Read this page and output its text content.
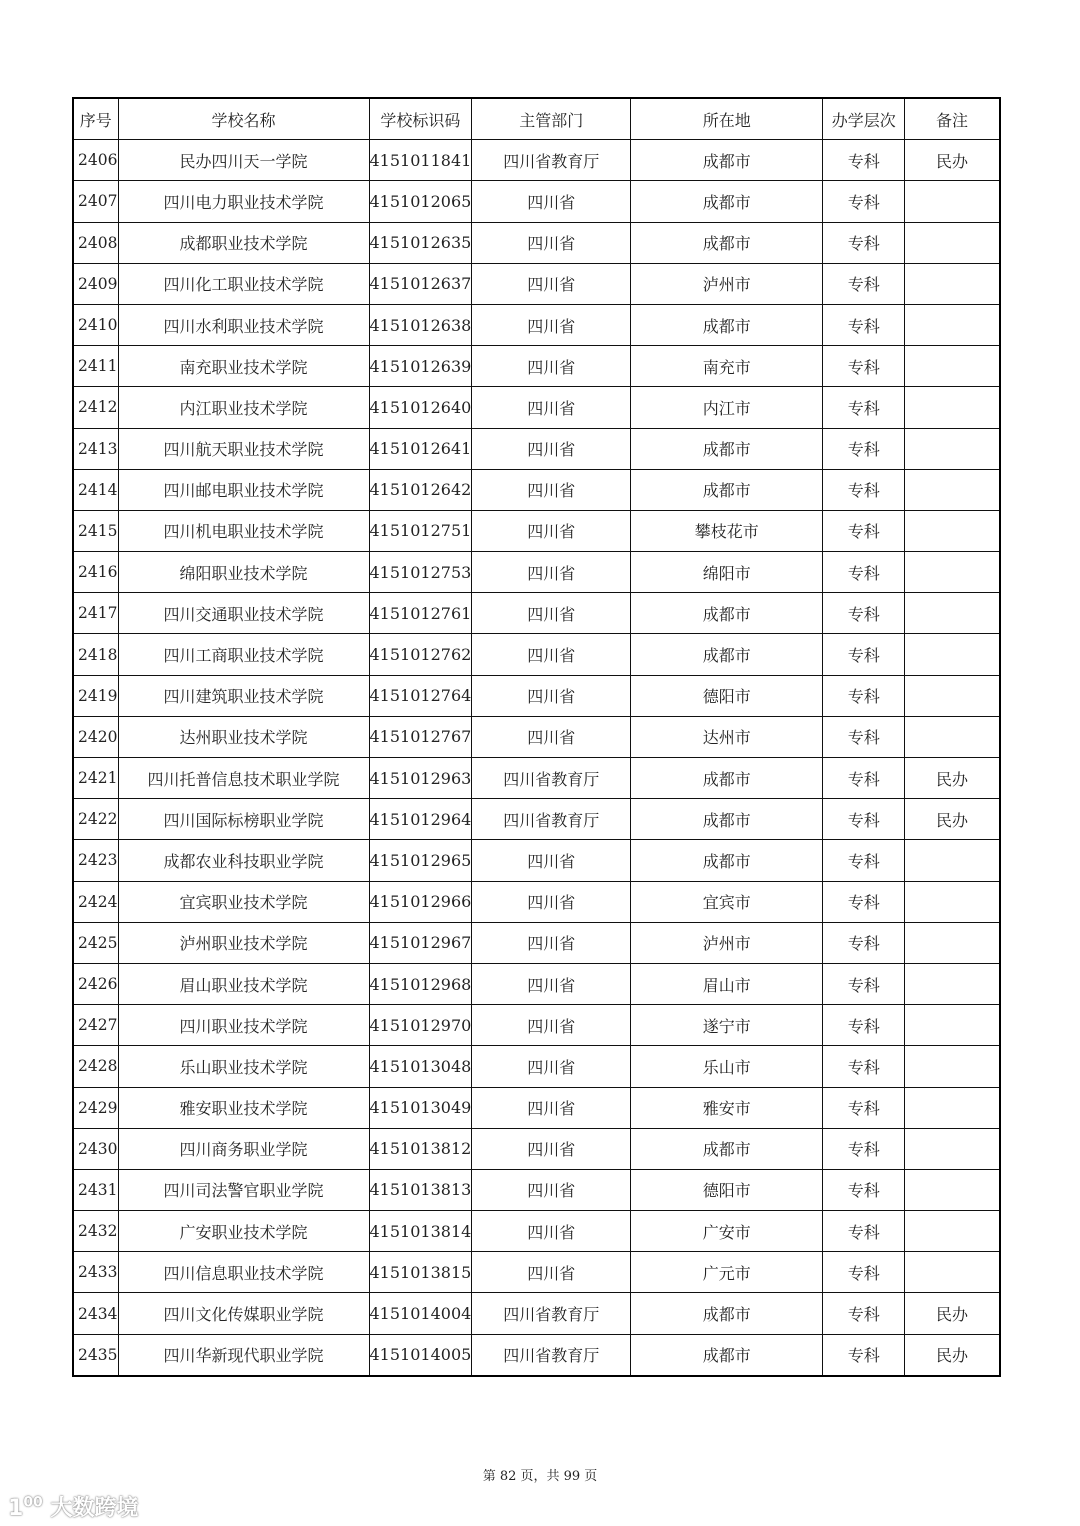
序号	学校名称	学校标识码	主管部门	所在地	办学层次	备注
2406	民办四川天一学院	4151011841	四川省教育厅	成都市	专科	民办
2407	四川电力职业技术学院	4151012065	四川省	成都市	专科	
2408	成都职业技术学院	4151012635	四川省	成都市	专科	
2409	四川化工职业技术学院	4151012637	四川省	泸州市	专科	
2410	四川水利职业技术学院	4151012638	四川省	成都市	专科	
2411	南充职业技术学院	4151012639	四川省	南充市	专科	
2412	内江职业技术学院	4151012640	四川省	内江市	专科	
2413	四川航天职业技术学院	4151012641	四川省	成都市	专科	
2414	四川邮电职业技术学院	4151012642	四川省	成都市	专科	
2415	四川机电职业技术学院	4151012751	四川省	攀枝花市	专科	
2416	绵阳职业技术学院	4151012753	四川省	绵阳市	专科	
2417	四川交通职业技术学院	4151012761	四川省	成都市	专科	
2418	四川工商职业技术学院	4151012762	四川省	成都市	专科	
2419	四川建筑职业技术学院	4151012764	四川省	德阳市	专科	
2420	达州职业技术学院	4151012767	四川省	达州市	专科	
2421	四川托普信息技术职业学院	4151012963	四川省教育厅	成都市	专科	民办
2422	四川国际标榜职业学院	4151012964	四川省教育厅	成都市	专科	民办
2423	成都农业科技职业学院	4151012965	四川省	成都市	专科	
2424	宜宾职业技术学院	4151012966	四川省	宜宾市	专科	
2425	泸州职业技术学院	4151012967	四川省	泸州市	专科	
2426	眉山职业技术学院	4151012968	四川省	眉山市	专科	
2427	四川职业技术学院	4151012970	四川省	遂宁市	专科	
2428	乐山职业技术学院	4151013048	四川省	乐山市	专科	
2429	雅安职业技术学院	4151013049	四川省	雅安市	专科	
2430	四川商务职业学院	4151013812	四川省	成都市	专科	
2431	四川司法警官职业学院	4151013813	四川省	德阳市	专科	
2432	广安职业技术学院	4151013814	四川省	广安市	专科	
2433	四川信息职业技术学院	4151013815	四川省	广元市	专科	
2434	四川文化传媒职业学院	4151014004	四川省教育厅	成都市	专科	民办
2435	四川华新现代职业学院	4151014005	四川省教育厅	成都市	专科	民办
第 82 页，共 99 页
$1^{00}$ 大数跨境
